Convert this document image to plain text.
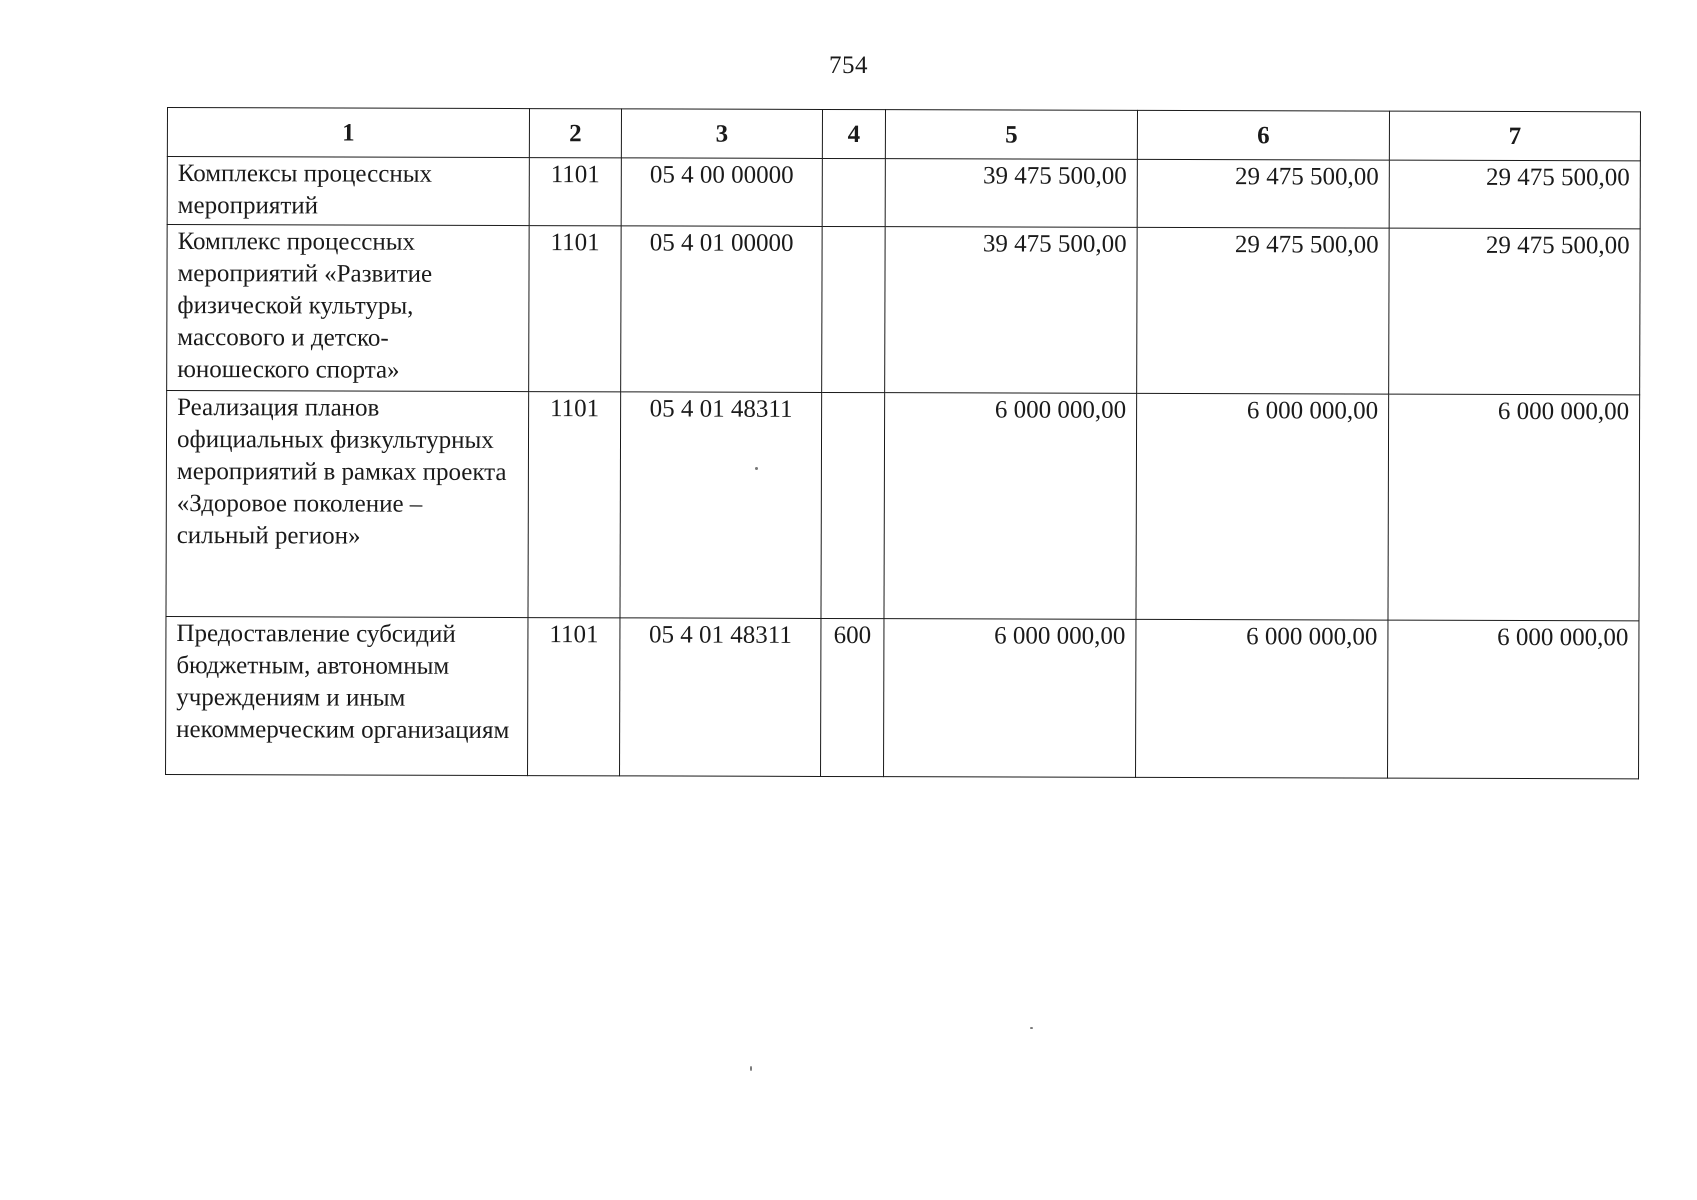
754
1	2	3	4	5	6	7
Комплексы процессных мероприятий	1101	05 4 00 00000		39 475 500,00	29 475 500,00	29 475 500,00
Комплекс процессных мероприятий «Развитие физической культуры, массового и детско-юношеского спорта»	1101	05 4 01 00000		39 475 500,00	29 475 500,00	29 475 500,00
Реализация планов официальных физкультурных мероприятий в рамках проекта «Здоровое поколение – сильный регион»	1101	05 4 01 48311		6 000 000,00	6 000 000,00	6 000 000,00
Предоставление субсидий бюджетным, автономным учреждениям и иным некоммерческим организациям	1101	05 4 01 48311	600	6 000 000,00	6 000 000,00	6 000 000,00
